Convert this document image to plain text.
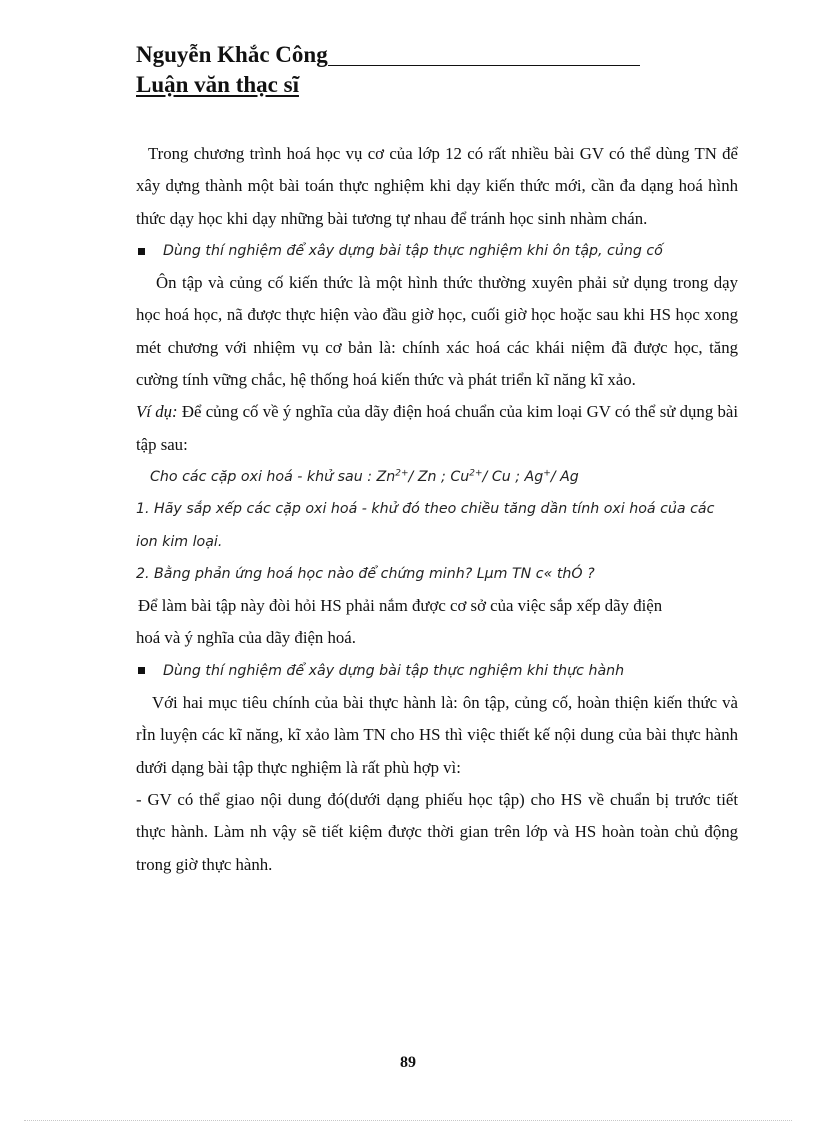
Nguyễn Khắc Công
Luận văn thạc sĩ

Trong chương trình hoá học vụ cơ của lớp 12 có rất nhiều bài GV có thể dùng TN để xây dựng thành một bài toán thực nghiệm khi dạy kiến thức mới, cần đa dạng hoá hình thức dạy học khi dạy những bài tương tự nhau để tránh học sinh nhàm chán.

Dùng thí nghiệm để xây dựng bài tập thực nghiệm khi ôn tập, củng cố

Ôn tập và củng cố kiến thức là một hình thức thường xuyên phải sử dụng trong dạy học hoá học, nã được thực hiện vào đầu giờ học, cuối giờ học hoặc sau khi HS học xong mét chương với nhiệm vụ cơ bản là: chính xác hoá các khái niệm đã được học, tăng cường tính vững chắc, hệ thống hoá kiến thức và phát triển kĩ năng kĩ xảo.

Ví dụ: Để củng cố về ý nghĩa của dãy điện hoá chuẩn của kim loại GV có thể sử dụng bài tập sau:

Cho các cặp oxi hoá - khử sau : $Zn^{2+}/$ Zn ; $Cu^{2+}/$ Cu ; Ag+/ Ag

1. Hãy sắp xếp các cặp oxi hoá - khử đó theo chiều tăng dần tính oxi hoá của các ion kim loại.

2. Bằng phản ứng hoá học nào để chứng minh? Lµm TN c« thÓ ?

Để làm bài tập này đòi hỏi HS phải nắm được cơ sở của việc sắp xếp dãy điện

hoá và ý nghĩa của dãy điện hoá.

Dùng thí nghiệm để xây dựng bài tập thực nghiệm khi thực hành

Với hai mục tiêu chính của bài thực hành là: ôn tập, củng cố, hoàn thiện kiến thức và rÌn luyện các kĩ năng, kĩ xảo làm TN cho HS thì việc thiết kế nội dung của bài thực hành dưới dạng bài tập thực nghiệm là rất phù hợp vì:

- GV có thể giao nội dung đó(dưới dạng phiếu học tập) cho HS về chuẩn bị trước tiết thực hành. Làm nh vậy sẽ tiết kiệm được thời gian trên lớp và HS hoàn toàn chủ động trong giờ thực hành.

89
